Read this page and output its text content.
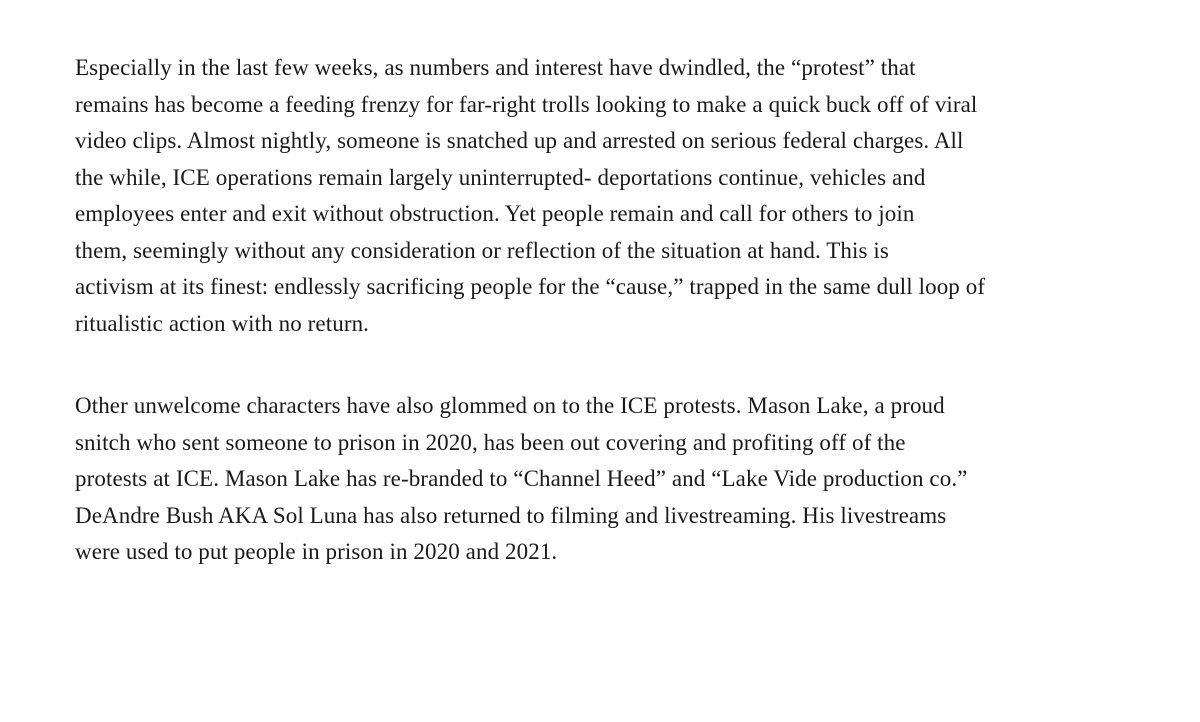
Especially in the last few weeks, as numbers and interest have dwindled, the “protest” that
remains has become a feeding frenzy for far-right trolls looking to make a quick buck off of viral
video clips. Almost nightly, someone is snatched up and arrested on serious federal charges. All
the while, ICE operations remain largely uninterrupted- deportations continue, vehicles and
employees enter and exit without obstruction. Yet people remain and call for others to join
them, seemingly without any consideration or reflection of the situation at hand. This is
activism at its finest: endlessly sacrificing people for the “cause,” trapped in the same dull loop of
ritualistic action with no return.

Other unwelcome characters have also glommed on to the ICE protests. Mason Lake, a proud
snitch who sent someone to prison in 2020, has been out covering and profiting off of the
protests at ICE. Mason Lake has re-branded to “Channel Heed” and “Lake Vide production co.”
DeAndre Bush AKA Sol Luna has also returned to filming and livestreaming. His livestreams
were used to put people in prison in 2020 and 2021.
